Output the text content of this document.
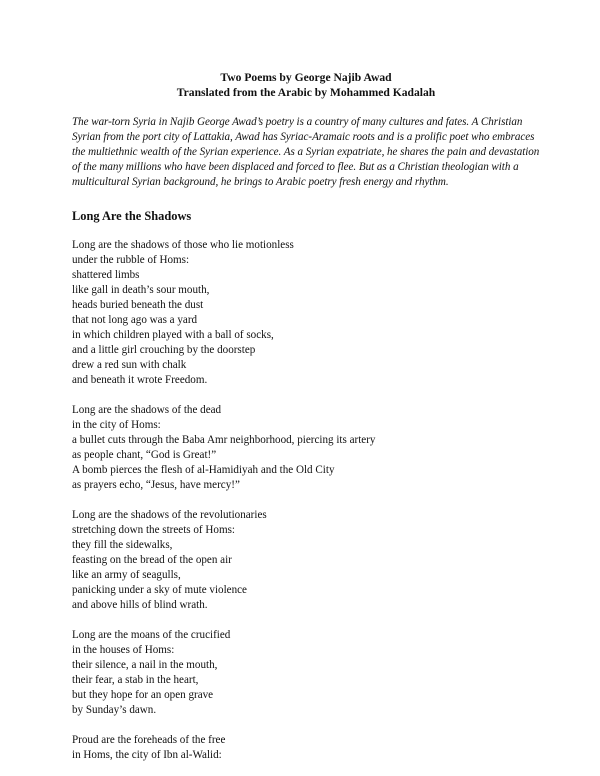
Two Poems by George Najib Awad

Translated from the Arabic by Mohammed Kadalah

The war-torn Syria in Najib George Awad’s poetry is a country of many cultures and fates. A Christian Syrian from the port city of Lattakia, Awad has Syriac-Aramaic roots and is a prolific poet who embraces the multiethnic wealth of the Syrian experience. As a Syrian expatriate, he shares the pain and devastation of the many millions who have been displaced and forced to flee. But as a Christian theologian with a multicultural Syrian background, he brings to Arabic poetry fresh energy and rhythm.

Long Are the Shadows

Long are the shadows of those who lie motionless
under the rubble of Homs:
shattered limbs
like gall in death’s sour mouth,
heads buried beneath the dust
that not long ago was a yard
in which children played with a ball of socks,
and a little girl crouching by the doorstep
drew a red sun with chalk
and beneath it wrote Freedom.
Long are the shadows of the dead
in the city of Homs:
a bullet cuts through the Baba Amr neighborhood, piercing its artery
as people chant, “God is Great!”
A bomb pierces the flesh of al-Hamidiyah and the Old City
as prayers echo, “Jesus, have mercy!”
Long are the shadows of the revolutionaries
stretching down the streets of Homs:
they fill the sidewalks,
feasting on the bread of the open air
like an army of seagulls,
panicking under a sky of mute violence
and above hills of blind wrath.
Long are the moans of the crucified
in the houses of Homs:
their silence, a nail in the mouth,
their fear, a stab in the heart,
but they hope for an open grave
by Sunday’s dawn.
Proud are the foreheads of the free
in Homs, the city of Ibn al-Walid:
